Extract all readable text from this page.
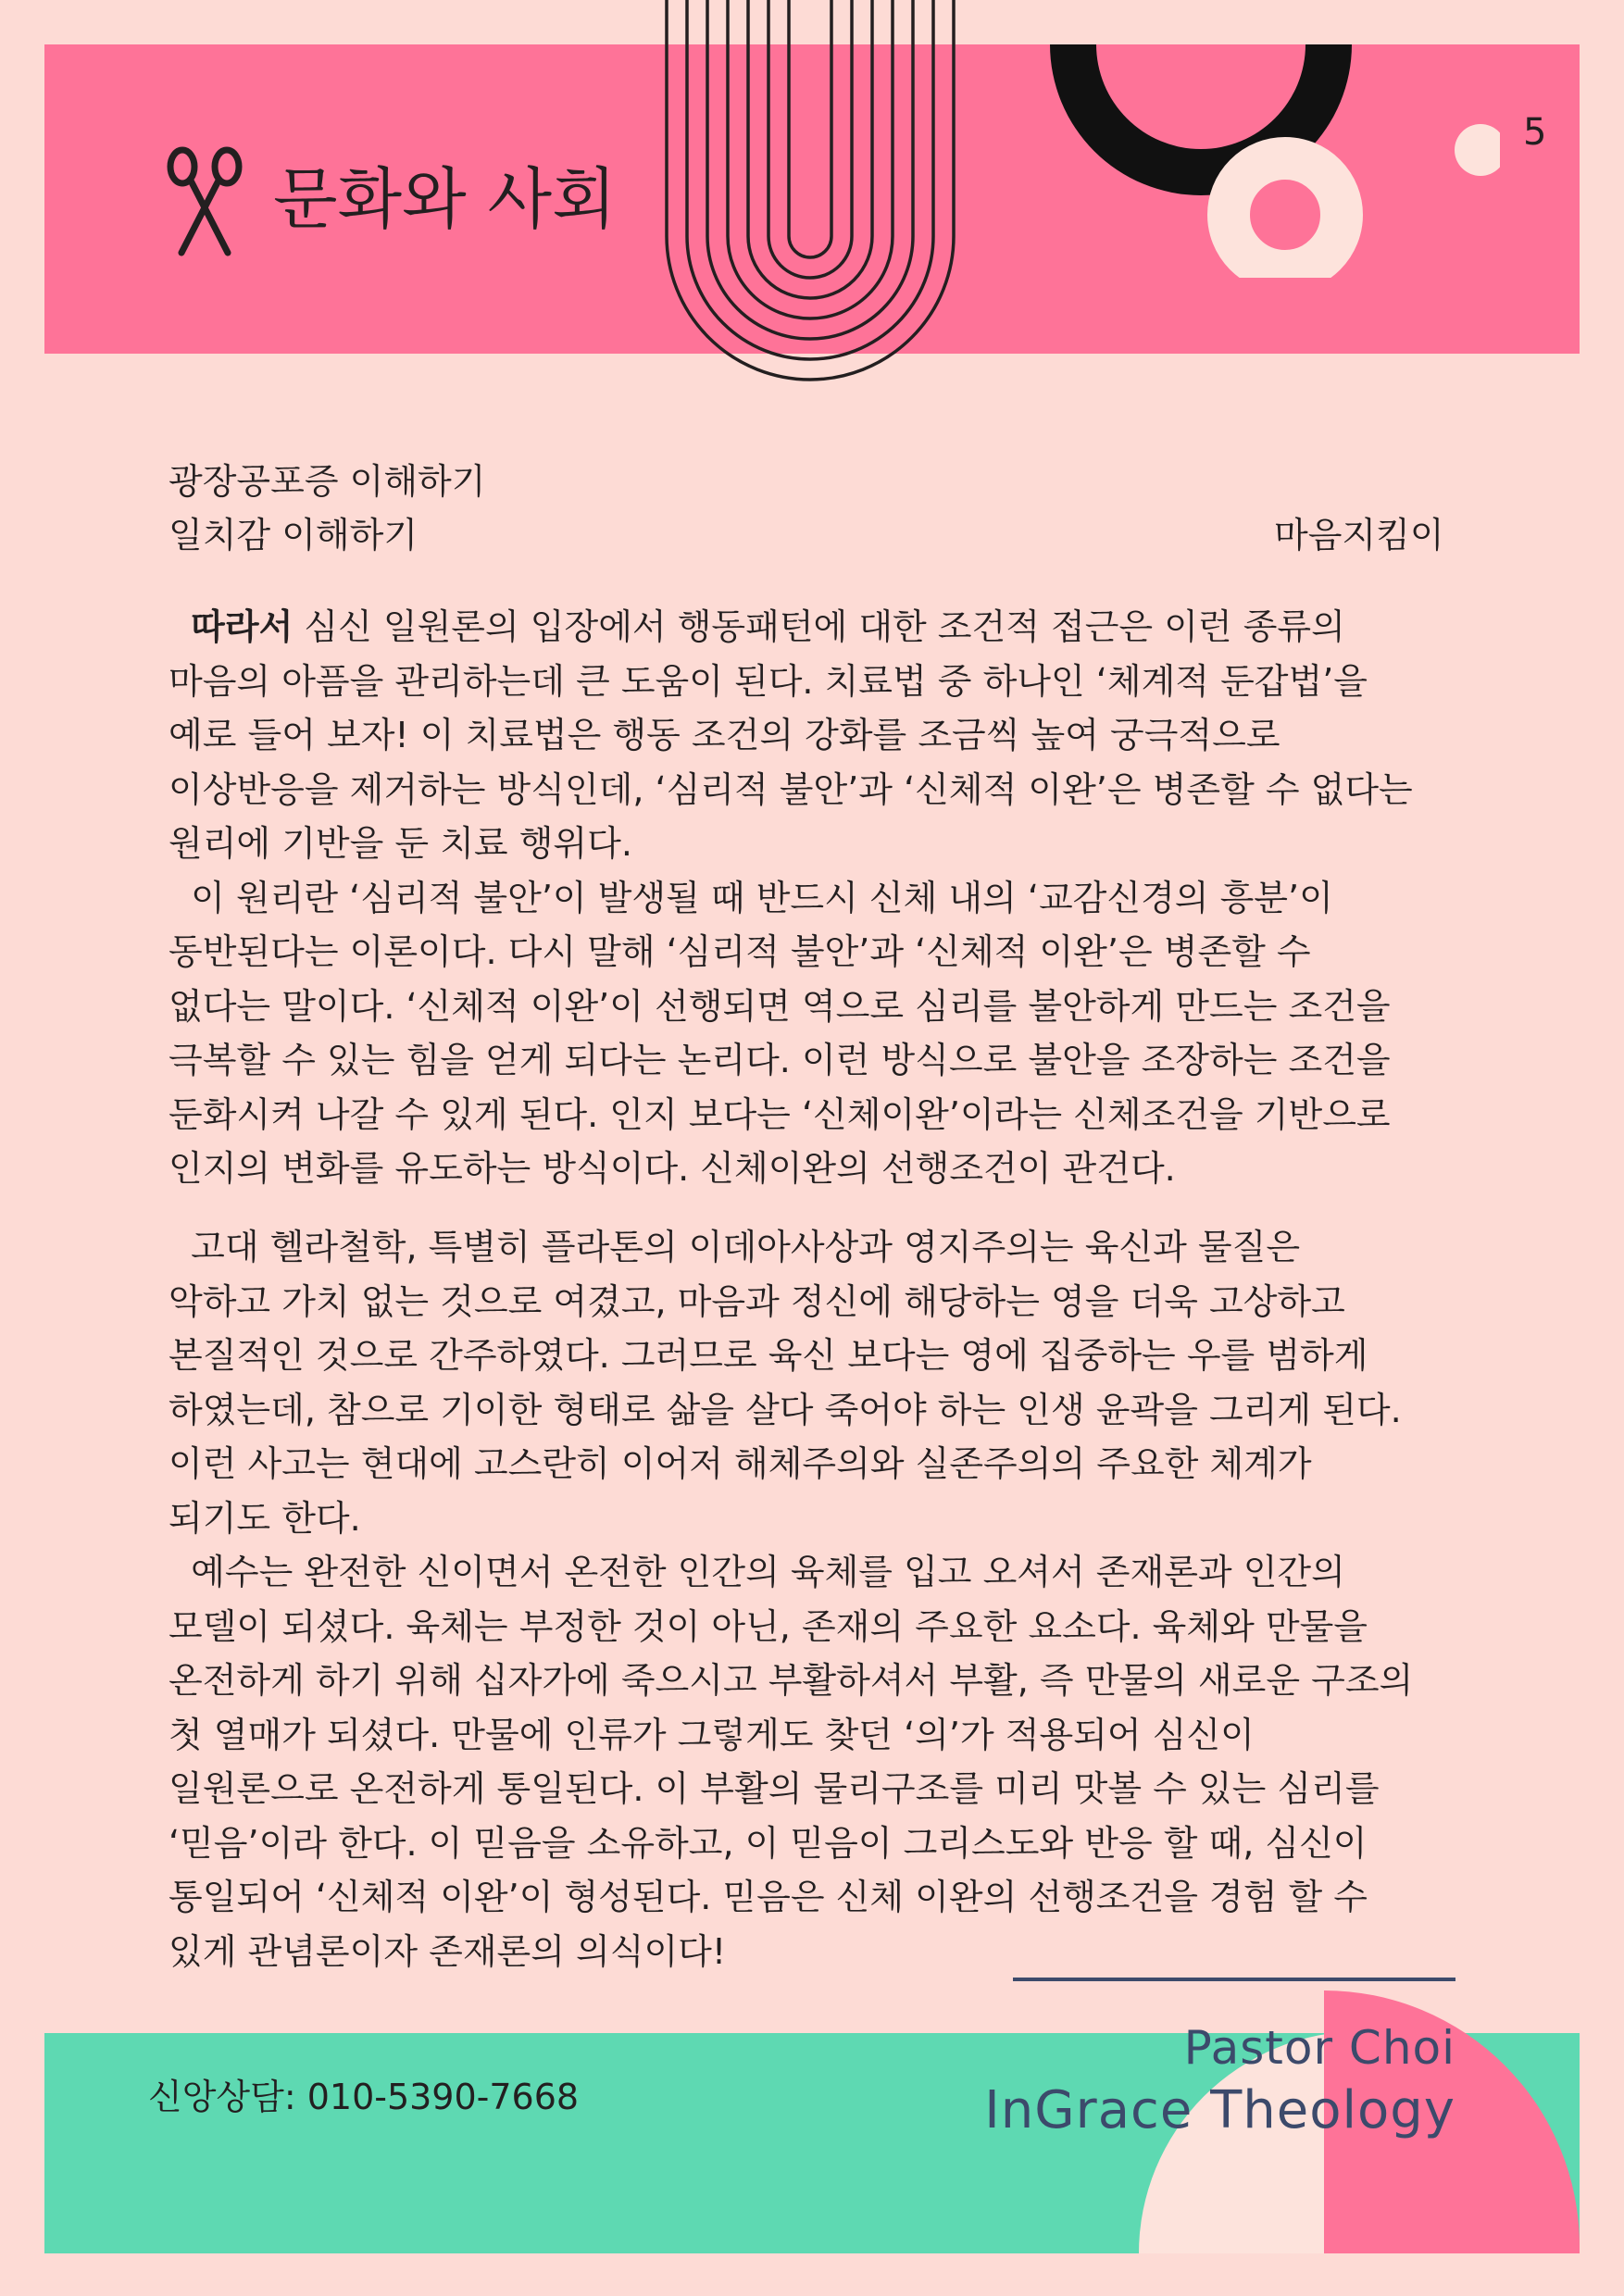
문화와 사회
5
광장공포증 이해하기
일치감 이해하기	마음지킴이
따라서 심신 일원론의 입장에서 행동패턴에 대한 조건적 접근은 이런 종류의
마음의 아픔을 관리하는데 큰 도움이 된다. 치료법 중 하나인 ‘체계적 둔갑법’을
예로 들어 보자! 이 치료법은 행동 조건의 강화를 조금씩 높여 궁극적으로
이상반응을 제거하는 방식인데, ‘심리적 불안’과 ‘신체적 이완’은 병존할 수 없다는
원리에 기반을 둔 치료 행위다.
이 원리란 ‘심리적 불안’이 발생될 때 반드시 신체 내의 ‘교감신경의 흥분’이
동반된다는 이론이다. 다시 말해 ‘심리적 불안’과 ‘신체적 이완’은 병존할 수
없다는 말이다. ‘신체적 이완’이 선행되면 역으로 심리를 불안하게 만드는 조건을
극복할 수 있는 힘을 얻게 되다는 논리다. 이런 방식으로 불안을 조장하는 조건을
둔화시켜 나갈 수 있게 된다. 인지 보다는 ‘신체이완’이라는 신체조건을 기반으로
인지의 변화를 유도하는 방식이다. 신체이완의 선행조건이 관건다.
고대 헬라철학, 특별히 플라톤의 이데아사상과 영지주의는 육신과 물질은
악하고 가치 없는 것으로 여겼고, 마음과 정신에 해당하는 영을 더욱 고상하고
본질적인 것으로 간주하였다. 그러므로 육신 보다는 영에 집중하는 우를 범하게
하였는데, 참으로 기이한 형태로 삶을 살다 죽어야 하는 인생 윤곽을 그리게 된다.
이런 사고는 현대에 고스란히 이어저 해체주의와 실존주의의 주요한 체계가
되기도 한다.
예수는 완전한 신이면서 온전한 인간의 육체를 입고 오셔서 존재론과 인간의
모델이 되셨다. 육체는 부정한 것이 아닌, 존재의 주요한 요소다. 육체와 만물을
온전하게 하기 위해 십자가에 죽으시고 부활하셔서 부활, 즉 만물의 새로운 구조의
첫 열매가 되셨다. 만물에 인류가 그렇게도 찾던 ‘의’가 적용되어 심신이
일원론으로 온전하게 통일된다. 이 부활의 물리구조를 미리 맛볼 수 있는 심리를
‘믿음’이라 한다. 이 믿음을 소유하고, 이 믿음이 그리스도와 반응 할 때, 심신이
통일되어 ‘신체적 이완’이 형성된다. 믿음은 신체 이완의 선행조건을 경험 할 수
있게 관념론이자 존재론의 의식이다!
신앙상담: 010-5390-7668
Pastor Choi
InGrace Theology
